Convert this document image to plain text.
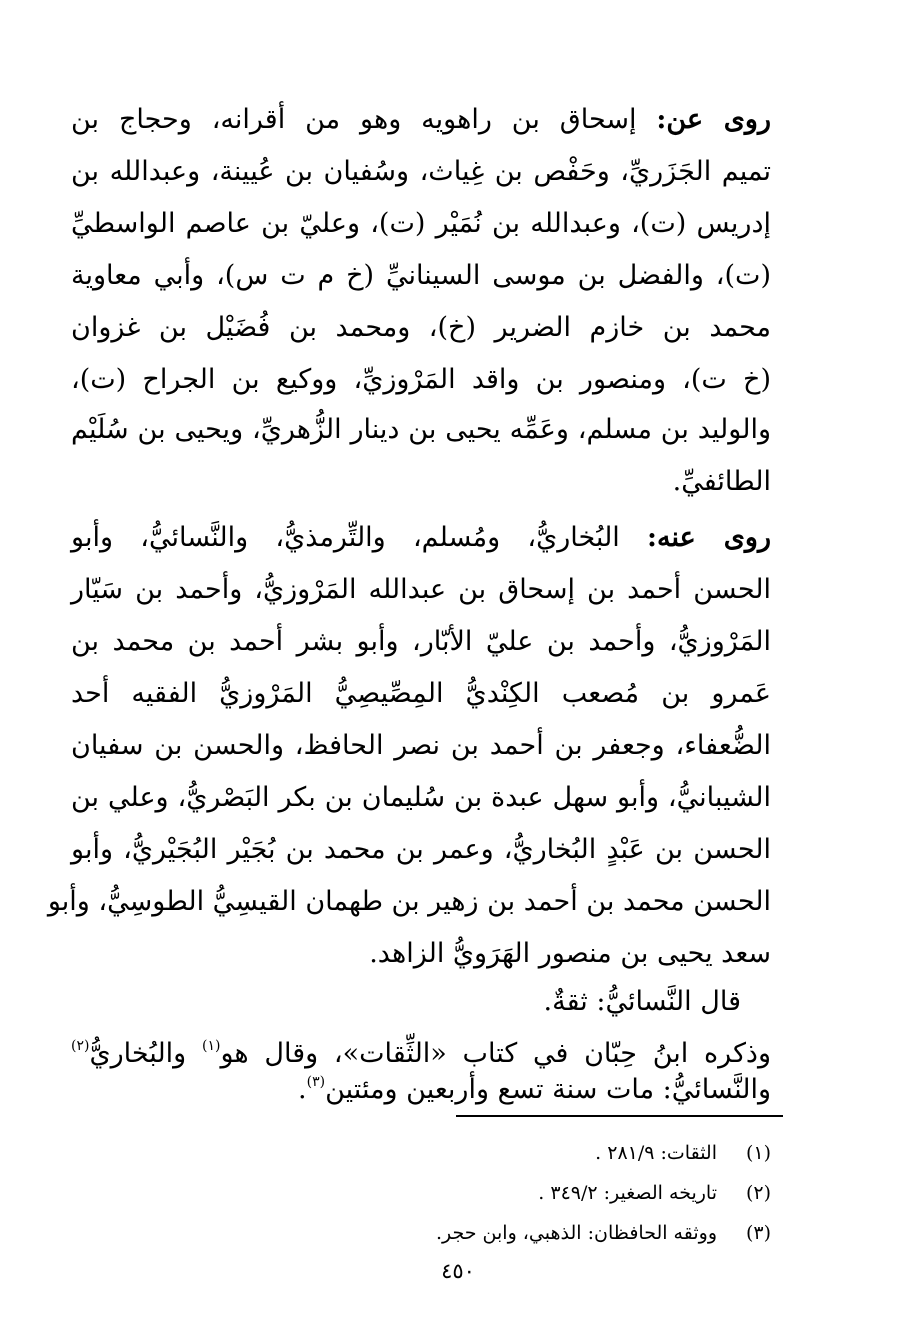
روى عن: إسحاق بن راهويه وهو من أقرانه، وحجاج بن
تميم الجَزَريِّ، وحَفْص بن غِياث، وسُفيان بن عُيينة، وعبدالله بن
إدريس (ت)، وعبدالله بن نُمَيْر (ت)، وعليّ بن عاصم الواسطيِّ
(ت)، والفضل بن موسى السينانيِّ (خ م ت س)، وأبي معاوية
محمد بن خازم الضرير (خ)، ومحمد بن فُضَيْل بن غزوان
(خ ت)، ومنصور بن واقد المَرْوزيِّ، ووكيع بن الجراح (ت)،
والوليد بن مسلم، وعَمِّه يحيى بن دينار الزُّهريِّ، ويحيى بن سُلَيْم
الطائفيِّ.
روى عنه: البُخاريُّ، ومُسلم، والتِّرمذيُّ، والنَّسائيُّ، وأبو
الحسن أحمد بن إسحاق بن عبدالله المَرْوزيُّ، وأحمد بن سَيّار
المَرْوزيُّ، وأحمد بن عليّ الأبّار، وأبو بشر أحمد بن محمد بن
عَمرو بن مُصعب الكِنْديُّ المِصِّيصِيُّ المَرْوزيُّ الفقيه أحد
الضُّعفاء، وجعفر بن أحمد بن نصر الحافظ، والحسن بن سفيان
الشيبانيُّ، وأبو سهل عبدة بن سُليمان بن بكر البَصْريُّ، وعلي بن
الحسن بن عَبْدٍ البُخاريُّ، وعمر بن محمد بن بُجَيْر البُجَيْريُّ، وأبو
الحسن محمد بن أحمد بن زهير بن طهمان القيسِيُّ الطوسِيُّ، وأبو
سعد يحيى بن منصور الهَرَويُّ الزاهد.
قال النَّسائيُّ: ثقةٌ.
وذكره ابنُ حِبّان في كتاب «الثِّقات»، وقال هو$^{(١)}$ والبُخاريُّ$^{(٢)}$
والنَّسائيُّ: مات سنة تسع وأربعين ومئتين$^{(٣)}$.
(١)الثقات: ٢٨١/٩ .
(٢)تاريخه الصغير: ٣٤٩/٢ .
(٣)ووثقه الحافظان: الذهبي، وابن حجر.
٤٥٠
